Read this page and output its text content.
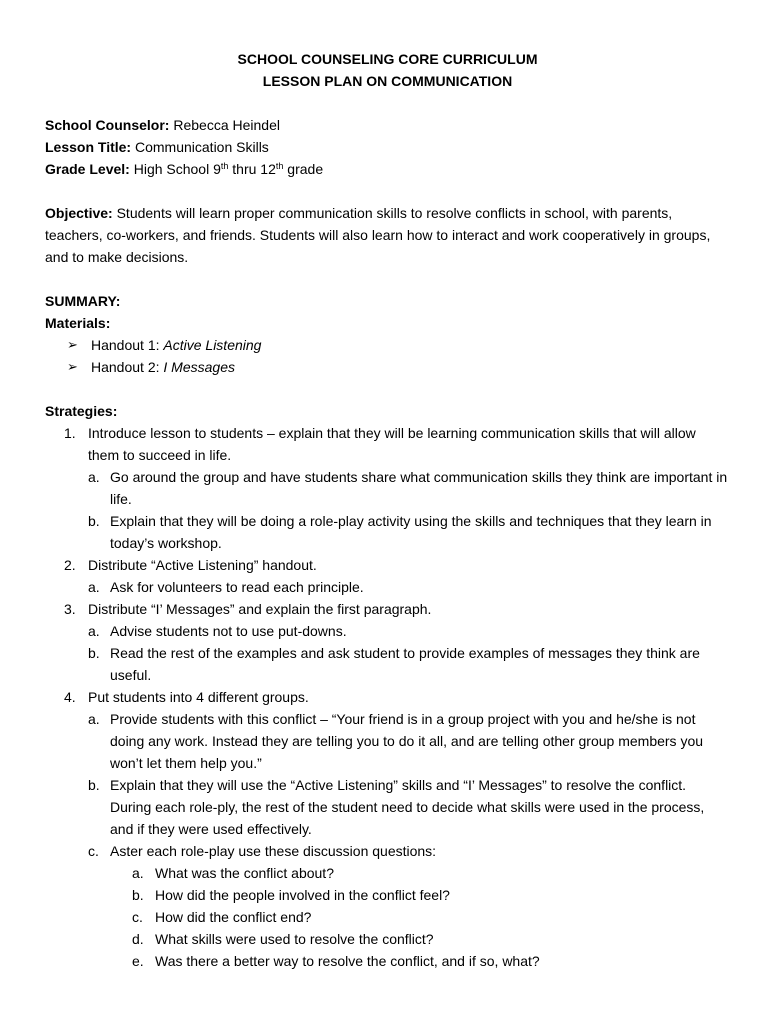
SCHOOL COUNSELING CORE CURRICULUM

LESSON PLAN ON COMMUNICATION

School Counselor: Rebecca Heindel

Lesson Title: Communication Skills

Grade Level: High School 9th thru 12th grade

Objective: Students will learn proper communication skills to resolve conflicts in school, with parents, teachers, co-workers, and friends. Students will also learn how to interact and work cooperatively in groups, and to make decisions.

SUMMARY:

Materials:

➢ Handout 1: Active Listening
➢ Handout 2: I Messages

Strategies:

1. Introduce lesson to students – explain that they will be learning communication skills that will allow them to succeed in life.
a. Go around the group and have students share what communication skills they think are important in life.
b. Explain that they will be doing a role-play activity using the skills and techniques that they learn in today’s workshop.
2. Distribute “Active Listening” handout.
a. Ask for volunteers to read each principle.
3. Distribute “I’ Messages” and explain the first paragraph.
a. Advise students not to use put-downs.
b. Read the rest of the examples and ask student to provide examples of messages they think are useful.
4. Put students into 4 different groups.
a. Provide students with this conflict – “Your friend is in a group project with you and he/she is not doing any work. Instead they are telling you to do it all, and are telling other group members you won’t let them help you.”
b. Explain that they will use the “Active Listening” skills and “I’ Messages” to resolve the conflict. During each role-ply, the rest of the student need to decide what skills were used in the process, and if they were used effectively.
c. Aster each role-play use these discussion questions:
a. What was the conflict about?
b. How did the people involved in the conflict feel?
c. How did the conflict end?
d. What skills were used to resolve the conflict?
e. Was there a better way to resolve the conflict, and if so, what?
